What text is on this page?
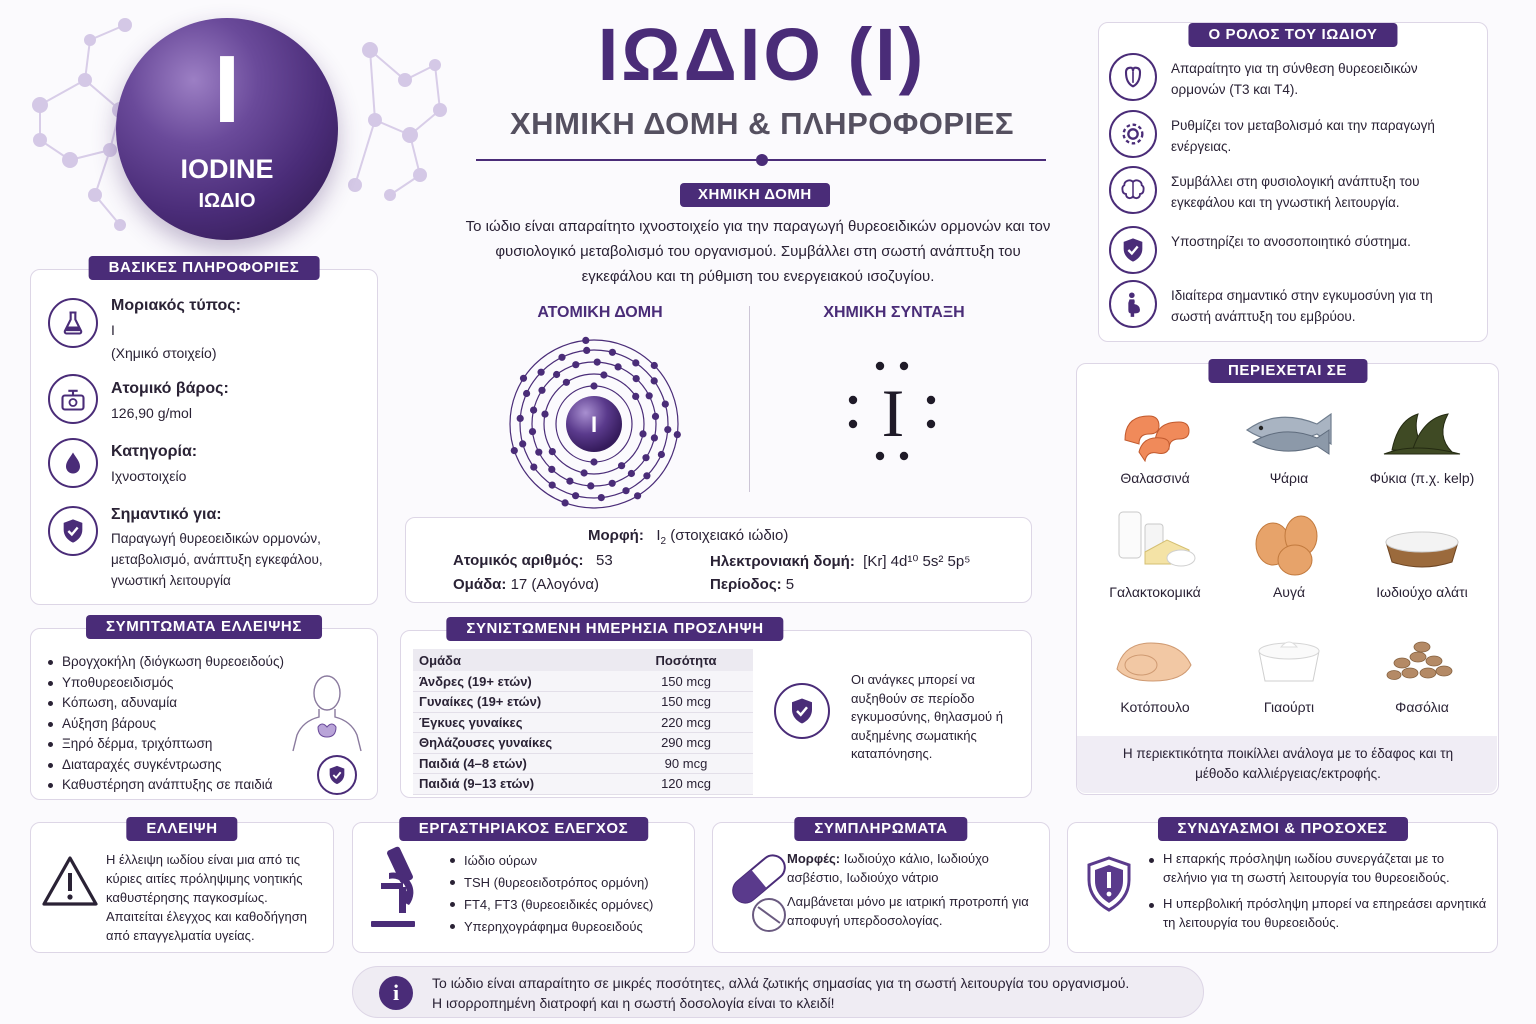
I
IODINE
ΙΩΔΙΟ
ΙΩΔΙΟ (Ι)
ΧΗΜΙΚΗ ΔΟΜΗ & ΠΛΗΡΟΦΟΡΙΕΣ
ΧΗΜΙΚΗ ΔΟΜΗ
Το ιώδιο είναι απαραίτητο ιχνοστοιχείο για την παραγωγή θυρεοειδικών ορμονών και τον φυσιολογικό μεταβολισμό του οργανισμού. Συμβάλλει στη σωστή ανάπτυξη του εγκεφάλου και τη ρύθμιση του ενεργειακού ισοζυγίου.
ΑΤΟΜΙΚΗ ΔΟΜΗ
I
ΧΗΜΙΚΗ ΣΥΝΤΑΞΗ
I
Μορφή: $I_2$ (στοιχειακό ιώδιο)
Ατομικός αριθμός: 53
Ομάδα: 17 (Αλογόνα)
Ηλεκτρονιακή δομή: [Kr] 4d¹⁰ 5s² 5p⁵
Περίοδος: 5
ΒΑΣΙΚΕΣ ΠΛΗΡΟΦΟΡΙΕΣ
Μοριακός τύπος:
I
(Χημικό στοιχείο)
Ατομικό βάρος:
126,90 g/mol
Κατηγορία:
Ιχνοστοιχείο
Σημαντικό για:
Παραγωγή θυρεοειδικών ορμονών, μεταβολισμό, ανάπτυξη εγκεφάλου, γνωστική λειτουργία
ΣΥΜΠΤΩΜΑΤΑ ΕΛΛΕΙΨΗΣ
Βρογχοκήλη (διόγκωση θυρεοειδούς)
Υποθυρεοειδισμός
Κόπωση, αδυναμία
Αύξηση βάρους
Ξηρό δέρμα, τριχόπτωση
Διαταραχές συγκέντρωσης
Καθυστέρηση ανάπτυξης σε παιδιά
ΣΥΝΙΣΤΩΜΕΝΗ ΗΜΕΡΗΣΙΑ ΠΡΟΣΛΗΨΗ
Ομάδα	Ποσότητα
Άνδρες (19+ ετών)	150 mcg
Γυναίκες (19+ ετών)	150 mcg
Έγκυες γυναίκες	220 mcg
Θηλάζουσες γυναίκες	290 mcg
Παιδιά (4–8 ετών)	90 mcg
Παιδιά (9–13 ετών)	120 mcg
Οι ανάγκες μπορεί να αυξηθούν σε περίοδο εγκυμοσύνης, θηλασμού ή αυξημένης σωματικής καταπόνησης.
Ο ΡΟΛΟΣ ΤΟΥ ΙΩΔΙΟΥ
Απαραίτητο για τη σύνθεση θυρεοειδικών ορμονών (Τ3 και Τ4).
Ρυθμίζει τον μεταβολισμό και την παραγωγή ενέργειας.
Συμβάλλει στη φυσιολογική ανάπτυξη του εγκεφάλου και τη γνωστική λειτουργία.
Υποστηρίζει το ανοσοποιητικό σύστημα.
Ιδιαίτερα σημαντικό στην εγκυμοσύνη για τη σωστή ανάπτυξη του εμβρύου.
ΠΕΡΙΕΧΕΤΑΙ ΣΕ
Θαλασσινά	Ψάρια	Φύκια (π.χ. kelp)
Γαλακτοκομικά	Αυγά	Ιωδιούχο αλάτι
Κοτόπουλο	Γιαούρτι	Φασόλια
Η περιεκτικότητα ποικίλλει ανάλογα με το έδαφος και τη μέθοδο καλλιέργειας/εκτροφής.
ΕΛΛΕΙΨΗ
Η έλλειψη ιωδίου είναι μια από τις κύριες αιτίες πρόληψιμης νοητικής καθυστέρησης παγκοσμίως. Απαιτείται έλεγχος και καθοδήγηση από επαγγελματία υγείας.
ΕΡΓΑΣΤΗΡΙΑΚΟΣ ΕΛΕΓΧΟΣ
Ιώδιο ούρων
TSH (θυρεοειδοτρόπος ορμόνη)
FT4, FT3 (θυρεοειδικές ορμόνες)
Υπερηχογράφημα θυρεοειδούς
ΣΥΜΠΛΗΡΩΜΑΤΑ
Μορφές: Ιωδιούχο κάλιο, Ιωδιούχο ασβέστιο, Ιωδιούχο νάτριο
Λαμβάνεται μόνο με ιατρική προτροπή για αποφυγή υπερδοσολογίας.
ΣΥΝΔΥΑΣΜΟΙ & ΠΡΟΣΟΧΕΣ
Η επαρκής πρόσληψη ιωδίου συνεργάζεται με το σελήνιο για τη σωστή λειτουργία του θυρεοειδούς.
Η υπερβολική πρόσληψη μπορεί να επηρεάσει αρνητικά τη λειτουργία του θυρεοειδούς.
i	Το ιώδιο είναι απαραίτητο σε μικρές ποσότητες, αλλά ζωτικής σημασίας για τη σωστή λειτουργία του οργανισμού.
Η ισορροπημένη διατροφή και η σωστή δοσολογία είναι το κλειδί!
